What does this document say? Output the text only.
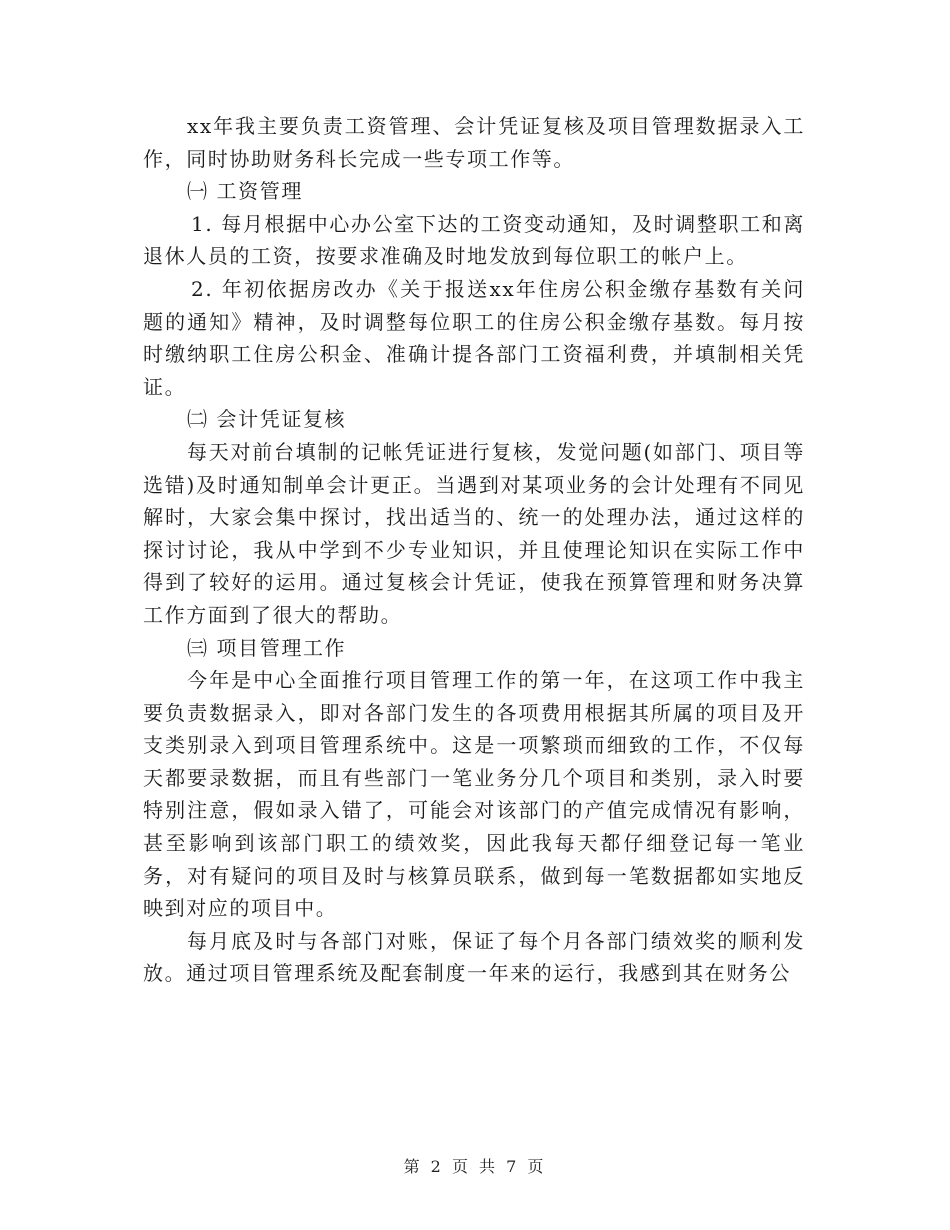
xx年我主要负责工资管理、会计凭证复核及项目管理数据录入工作，同时协助财务科长完成一些专项工作等。

㈠ 工资管理

1. 每月根据中心办公室下达的工资变动通知，及时调整职工和离退休人员的工资，按要求准确及时地发放到每位职工的帐户上。

2. 年初依据房改办《关于报送xx年住房公积金缴存基数有关问题的通知》精神，及时调整每位职工的住房公积金缴存基数。每月按时缴纳职工住房公积金、准确计提各部门工资福利费，并填制相关凭证。

㈡ 会计凭证复核

每天对前台填制的记帐凭证进行复核，发觉问题(如部门、项目等选错)及时通知制单会计更正。当遇到对某项业务的会计处理有不同见解时，大家会集中探讨，找出适当的、统一的处理办法，通过这样的探讨讨论，我从中学到不少专业知识，并且使理论知识在实际工作中得到了较好的运用。通过复核会计凭证，使我在预算管理和财务决算工作方面到了很大的帮助。

㈢ 项目管理工作

今年是中心全面推行项目管理工作的第一年，在这项工作中我主要负责数据录入，即对各部门发生的各项费用根据其所属的项目及开支类别录入到项目管理系统中。这是一项繁琐而细致的工作，不仅每天都要录数据，而且有些部门一笔业务分几个项目和类别，录入时要特别注意，假如录入错了，可能会对该部门的产值完成情况有影响，甚至影响到该部门职工的绩效奖，因此我每天都仔细登记每一笔业务，对有疑问的项目及时与核算员联系，做到每一笔数据都如实地反映到对应的项目中。

每月底及时与各部门对账，保证了每个月各部门绩效奖的顺利发放。通过项目管理系统及配套制度一年来的运行，我感到其在财务公

第 2 页 共 7 页
